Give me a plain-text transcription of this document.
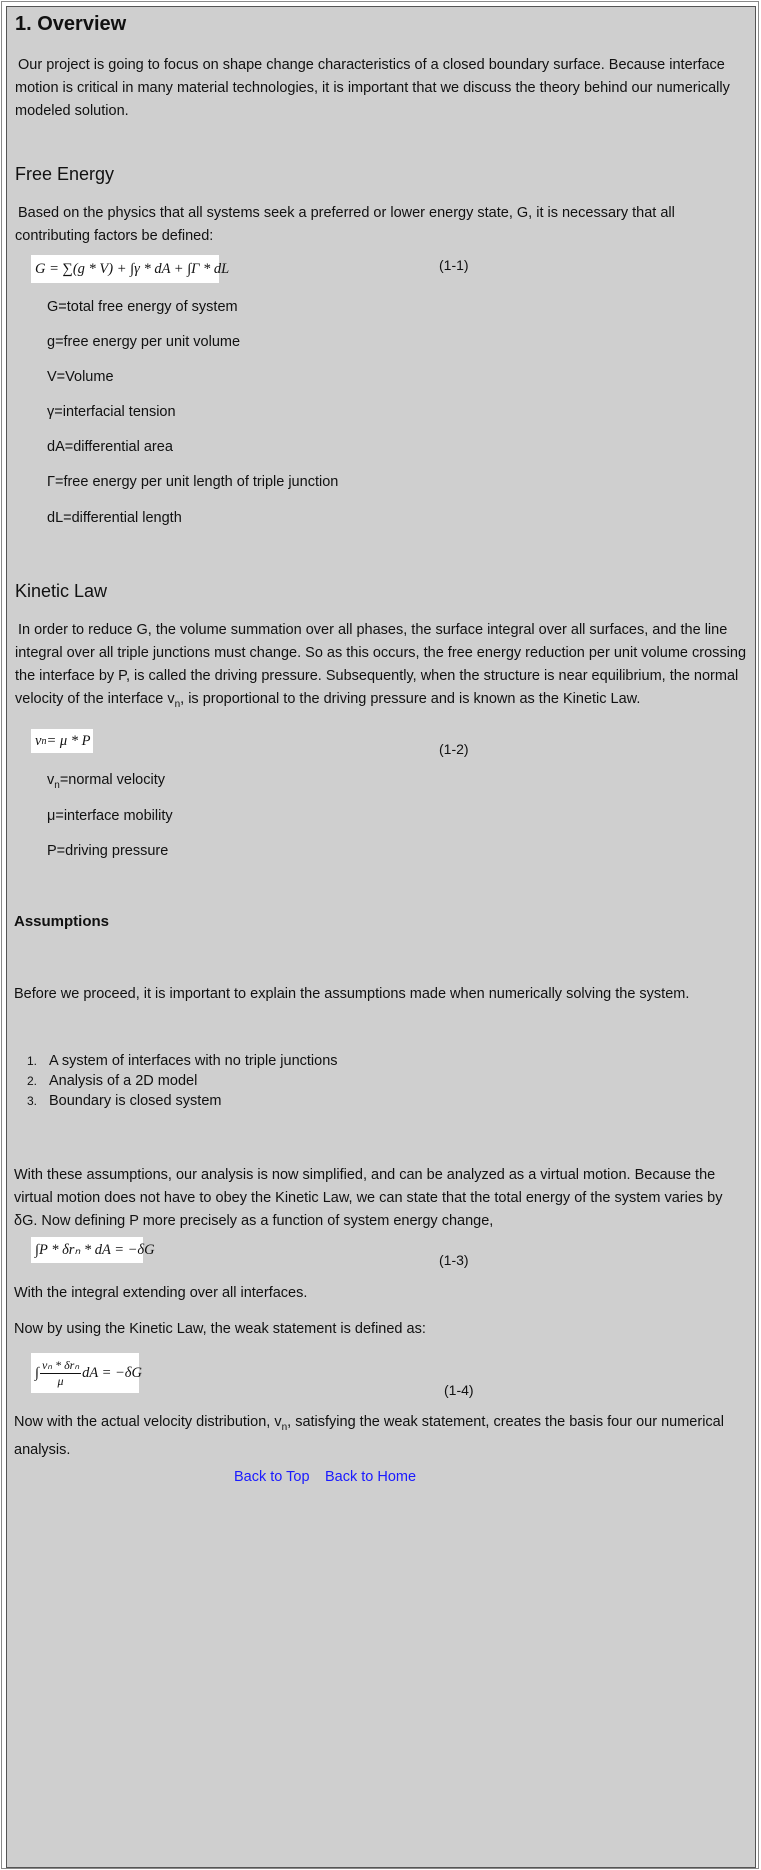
1. Overview
Our project is going to focus on shape change characteristics of a closed boundary surface. Because interface motion is critical in many material technologies, it is important that we discuss the theory behind our numerically modeled solution.
Free Energy
Based on the physics that all systems seek a preferred or lower energy state, G, it is necessary that all contributing factors be defined:
G = ∑(g * V) + ∫γ * dA + ∫Γ * dL	(1-1)
G=total free energy of system
g=free energy per unit volume
V=Volume
γ=interfacial tension
dA=differential area
Γ=free energy per unit length of triple junction
dL=differential length
Kinetic Law
In order to reduce G, the volume summation over all phases, the surface integral over all surfaces, and the line integral over all triple junctions must change. So as this occurs, the free energy reduction per unit volume crossing the interface by P, is called the driving pressure. Subsequently, when the structure is near equilibrium, the normal velocity of the interface $v_n$, is proportional to the driving pressure and is known as the Kinetic Law.
v n = μ * P
(1-2)
$v_n=normal$ velocity
μ=interface mobility
P=driving pressure
Assumptions
Before we proceed, it is important to explain the assumptions made when numerically solving the system.
1. A system of interfaces with no triple junctions
2. Analysis of a 2D model
3. Boundary is closed system
With these assumptions, our analysis is now simplified, and can be analyzed as a virtual motion. Because the virtual motion does not have to obey the Kinetic Law, we can state that the total energy of the system varies by δG. Now defining P more precisely as a function of system energy change,
∫P * δrₙ * dA = −δG
(1-3)
With the integral extending over all interfaces.
Now by using the Kinetic Law, the weak statement is defined as:
∫ $\frac{\text{vₙ * δrₙ}}{\mu}$ dA = −δG
(1-4)
Now with the actual velocity distribution, $v_n$, satisfying the weak statement, creates the basis four our numerical analysis.
Back to Top Back to Home
